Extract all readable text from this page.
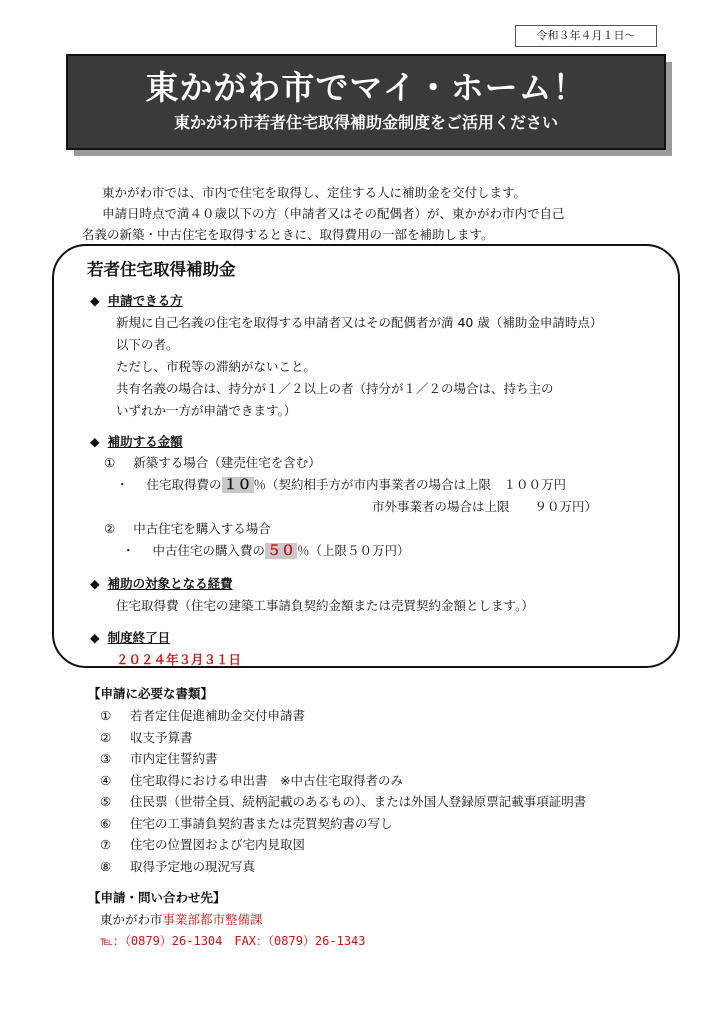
令和３年４月１日～
東かがわ市でマイ・ホーム！
東かがわ市若者住宅取得補助金制度をご活用ください

東かがわ市では、市内で住宅を取得し、定住する人に補助金を交付します。

申請日時点で満４０歳以下の方（申請者又はその配偶者）が、東かがわ市内で自己

名義の新築・中古住宅を取得するときに、取得費用の一部を補助します。

若者住宅取得補助金
◆ 申請できる方
新規に自己名義の住宅を取得する申請者又はその配偶者が満 40 歳（補助金申請時点）
以下の者。
ただし、市税等の滞納がないこと。
共有名義の場合は、持分が１／２以上の者（持分が１／２の場合は、持ち主の
いずれか一方が申請できます。）
◆ 補助する金額
① 新築する場合（建売住宅を含む）
・ 住宅取得費の １０ ％（契約相手方が市内事業者の場合は上限　１００万円
市外事業者の場合は上限　　９０万円）
② 中古住宅を購入する場合
・ 中古住宅の購入費の ５０ ％（上限５０万円）
◆ 補助の対象となる経費
住宅取得費（住宅の建築工事請負契約金額または売買契約金額とします。）
◆ 制度終了日
２０２４年３月３１日
【申請に必要な書類】
① 若者定住促進補助金交付申請書
② 収支予算書
③ 市内定住誓約書
④ 住宅取得における申出書　※中古住宅取得者のみ
⑤ 住民票（世帯全員、続柄記載のあるもの）、または外国人登録原票記載事項証明書
⑥ 住宅の工事請負契約書または売買契約書の写し
⑦ 住宅の位置図および宅内見取図
⑧ 取得予定地の現況写真
【申請・問い合わせ先】
東かがわ市事業部都市整備課
℡：（0879）26-1304　FAX：（0879）26-1343
